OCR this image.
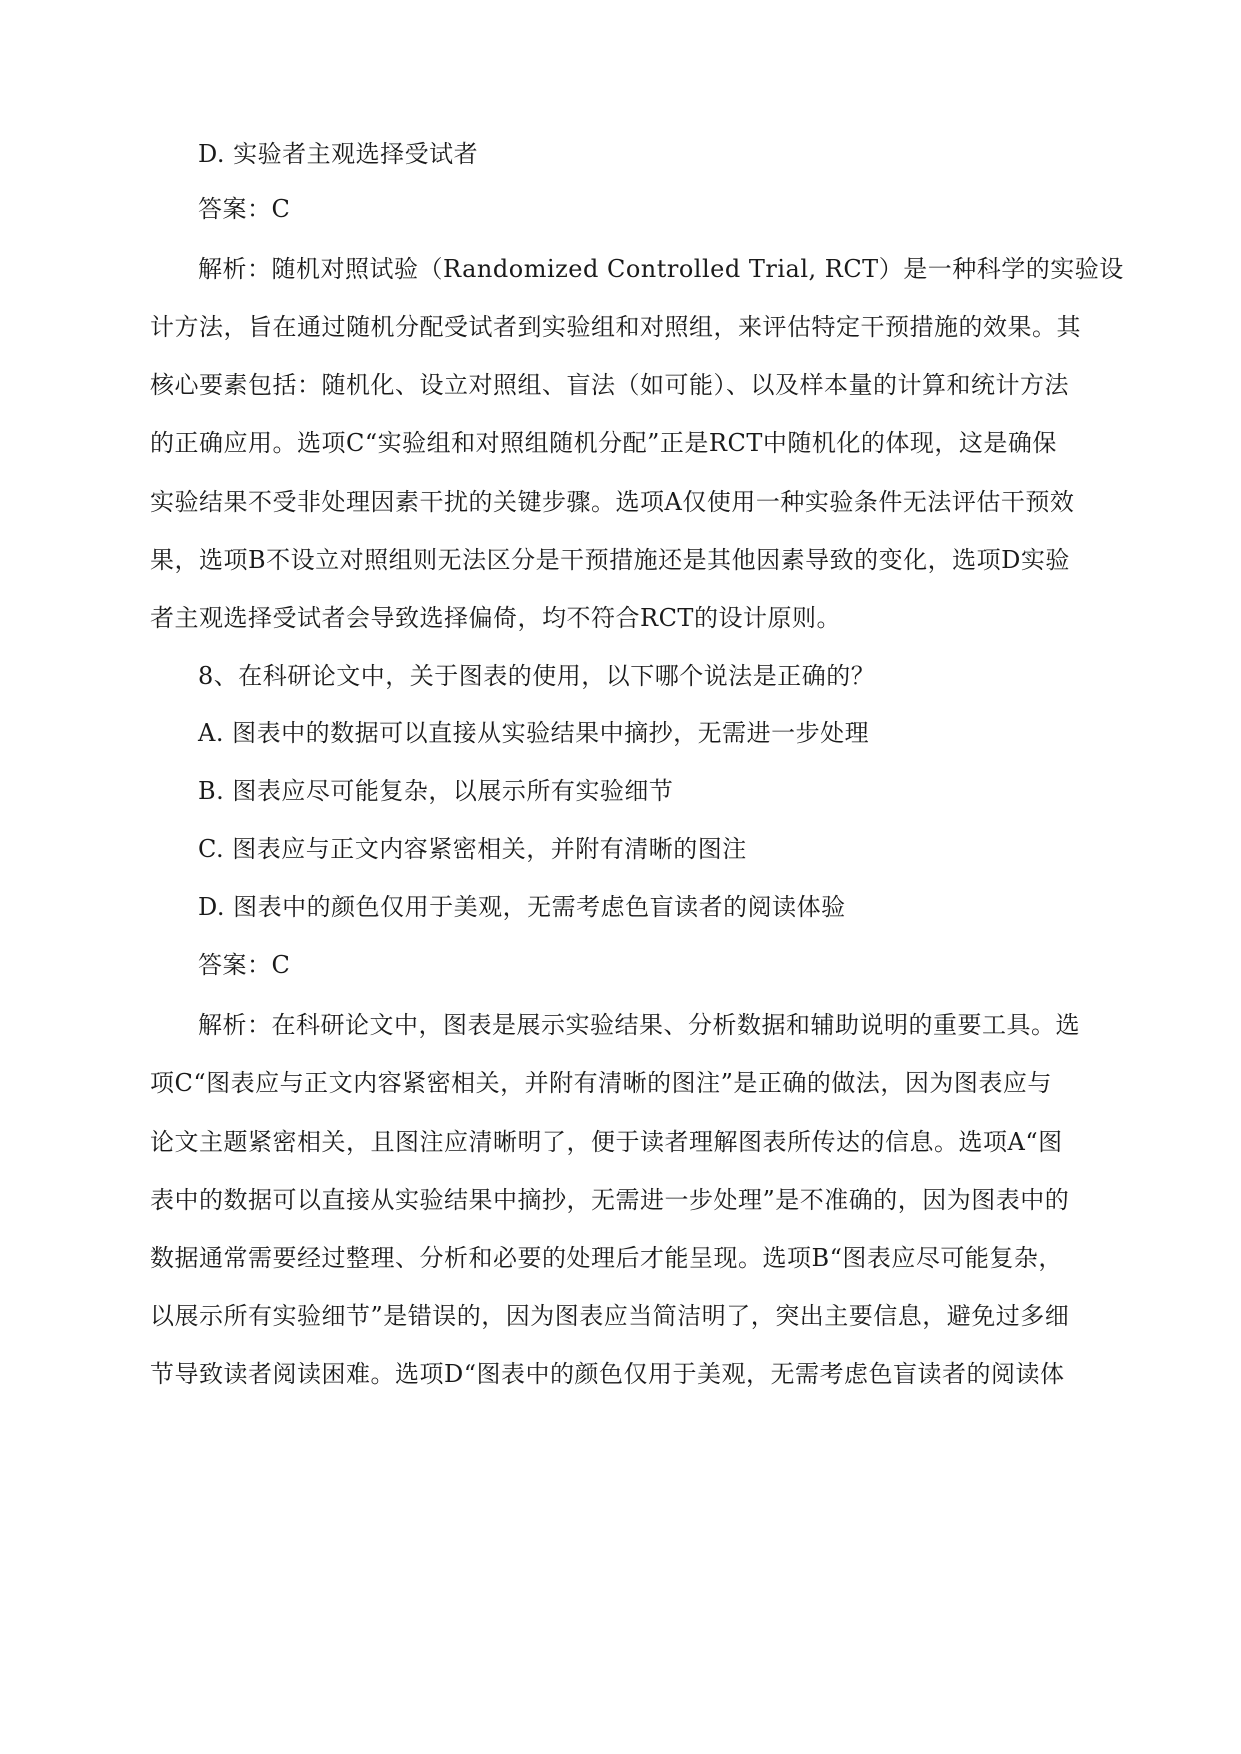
D. 实验者主观选择受试者
答案：C
解析：随机对照试验（Randomized Controlled Trial, RCT）是一种科学的实验设
计方法，旨在通过随机分配受试者到实验组和对照组，来评估特定干预措施的效果。其
核心要素包括：随机化、设立对照组、盲法（如可能）、以及样本量的计算和统计方法
的正确应用。选项C“实验组和对照组随机分配”正是RCT中随机化的体现，这是确保
实验结果不受非处理因素干扰的关键步骤。选项A仅使用一种实验条件无法评估干预效
果，选项B不设立对照组则无法区分是干预措施还是其他因素导致的变化，选项D实验
者主观选择受试者会导致选择偏倚，均不符合RCT的设计原则。
8、在科研论文中，关于图表的使用，以下哪个说法是正确的？
A. 图表中的数据可以直接从实验结果中摘抄，无需进一步处理
B. 图表应尽可能复杂，以展示所有实验细节
C. 图表应与正文内容紧密相关，并附有清晰的图注
D. 图表中的颜色仅用于美观，无需考虑色盲读者的阅读体验
答案：C
解析：在科研论文中，图表是展示实验结果、分析数据和辅助说明的重要工具。选
项C“图表应与正文内容紧密相关，并附有清晰的图注”是正确的做法，因为图表应与
论文主题紧密相关，且图注应清晰明了，便于读者理解图表所传达的信息。选项A“图
表中的数据可以直接从实验结果中摘抄，无需进一步处理”是不准确的，因为图表中的
数据通常需要经过整理、分析和必要的处理后才能呈现。选项B“图表应尽可能复杂，
以展示所有实验细节”是错误的，因为图表应当简洁明了，突出主要信息，避免过多细
节导致读者阅读困难。选项D“图表中的颜色仅用于美观，无需考虑色盲读者的阅读体
